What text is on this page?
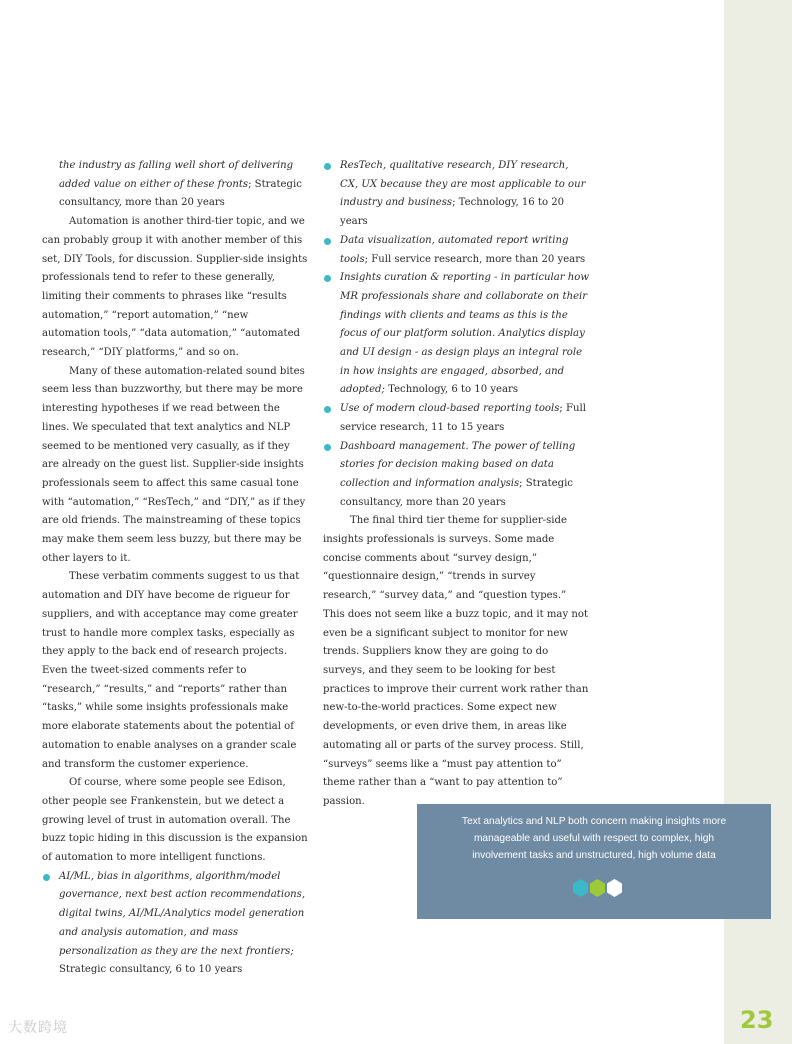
23

the industry as falling well short of delivering added value on either of these fronts; Strategic consultancy, more than 20 years

Automation is another third-tier topic, and we can probably group it with another member of this set, DIY Tools, for discussion. Supplier-side insights professionals tend to refer to these generally, limiting their comments to phrases like “results automation,” “report automation,” “new automation tools,” “data automation,” “automated research,” “DIY platforms,” and so on.

Many of these automation-related sound bites seem less than buzzworthy, but there may be more interesting hypotheses if we read between the lines. We speculated that text analytics and NLP seemed to be mentioned very casually, as if they are already on the guest list. Supplier-side insights professionals seem to affect this same casual tone with “automation,” “ResTech,” and “DIY,” as if they are old friends. The mainstreaming of these topics may make them seem less buzzy, but there may be other layers to it.

These verbatim comments suggest to us that automation and DIY have become de rigueur for suppliers, and with acceptance may come greater trust to handle more complex tasks, especially as they apply to the back end of research projects. Even the tweet-sized comments refer to “research,” “results,” and “reports” rather than “tasks,” while some insights professionals make more elaborate statements about the potential of automation to enable analyses on a grander scale and transform the customer experience.

Of course, where some people see Edison, other people see Frankenstein, but we detect a growing level of trust in automation overall. The buzz topic hiding in this discussion is the expansion of automation to more intelligent functions.

AI/ML, bias in algorithms, algorithm/model governance, next best action recommendations, digital twins, AI/ML/Analytics model generation and analysis automation, and mass personalization as they are the next frontiers; Strategic consultancy, 6 to 10 years

ResTech, qualitative research, DIY research, CX, UX because they are most applicable to our industry and business; Technology, 16 to 20 years

Data visualization, automated report writing tools; Full service research, more than 20 years

Insights curation & reporting - in particular how MR professionals share and collaborate on their findings with clients and teams as this is the focus of our platform solution. Analytics display and UI design - as design plays an integral role in how insights are engaged, absorbed, and adopted; Technology, 6 to 10 years

Use of modern cloud-based reporting tools; Full service research, 11 to 15 years

Dashboard management. The power of telling stories for decision making based on data collection and information analysis; Strategic consultancy, more than 20 years

The final third tier theme for supplier-side insights professionals is surveys. Some made concise comments about “survey design,” “questionnaire design,” “trends in survey research,” “survey data,” and “question types.” This does not seem like a buzz topic, and it may not even be a significant subject to monitor for new trends. Suppliers know they are going to do surveys, and they seem to be looking for best practices to improve their current work rather than new-to-the-world practices. Some expect new developments, or even drive them, in areas like automating all or parts of the survey process. Still, “surveys” seems like a “must pay attention to” theme rather than a “want to pay attention to” passion.

Text analytics and NLP both concern making insights more manageable and useful with respect to complex, high involvement tasks and unstructured, high volume data
大数跨境
